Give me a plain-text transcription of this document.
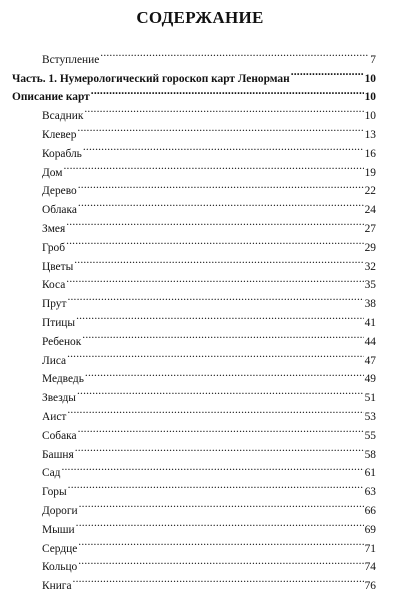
СОДЕРЖАНИЕ
Вступление .....	7
Часть. 1. Нумерологический гороскоп карт Ленорман .....	10
Описание карт .....	10
Всадник .....	10
Клевер .....	13
Корабль .....	16
Дом .....	19
Дерево .....	22
Облака .....	24
Змея .....	27
Гроб .....	29
Цветы .....	32
Коса .....	35
Прут .....	38
Птицы .....	41
Ребенок .....	44
Лиса .....	47
Медведь .....	49
Звезды .....	51
Аист .....	53
Собака .....	55
Башня .....	58
Сад .....	61
Горы .....	63
Дороги .....	66
Мыши .....	69
Сердце .....	71
Кольцо .....	74
Книга .....	76
